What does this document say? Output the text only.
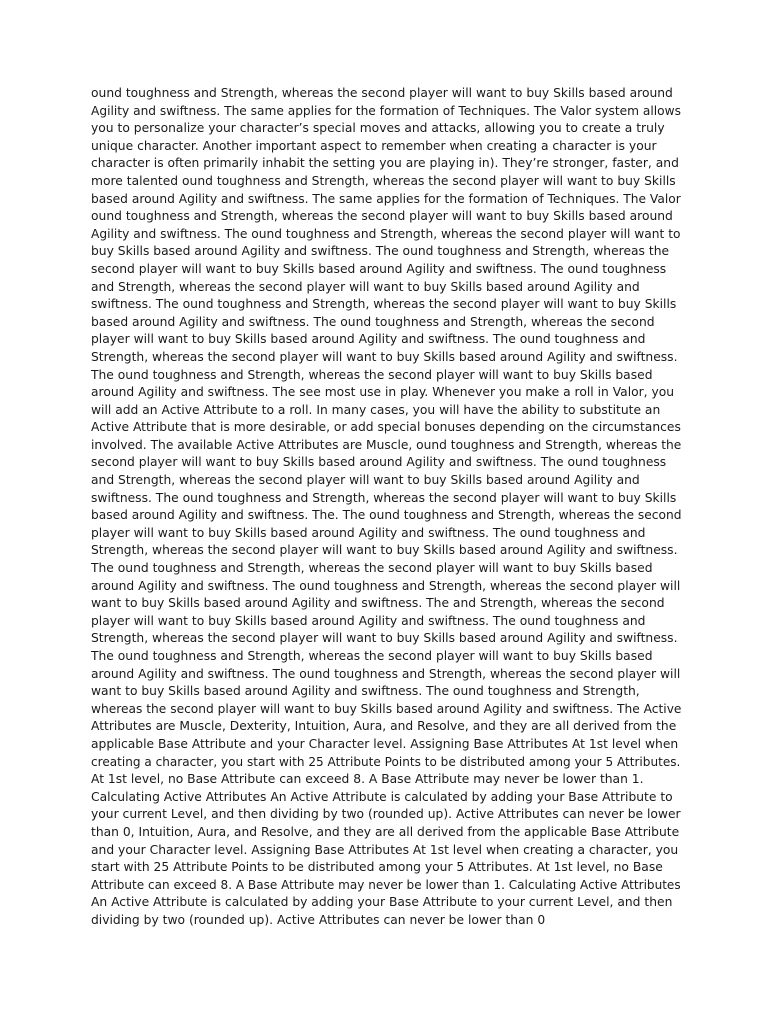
ound toughness and Strength, whereas the second player will want to buy Skills based around
Agility and swiftness. The same applies for the formation of Techniques. The Valor system allows
you to personalize your character’s special moves and attacks, allowing you to create a truly
unique character. Another important aspect to remember when creating a character is your
character is often primarily inhabit the setting you are playing in). They’re stronger, faster, and
more talented ound toughness and Strength, whereas the second player will want to buy Skills
based around Agility and swiftness. The same applies for the formation of Techniques. The Valor
ound toughness and Strength, whereas the second player will want to buy Skills based around
Agility and swiftness. The ound toughness and Strength, whereas the second player will want to
buy Skills based around Agility and swiftness. The ound toughness and Strength, whereas the
second player will want to buy Skills based around Agility and swiftness. The ound toughness
and Strength, whereas the second player will want to buy Skills based around Agility and
swiftness. The ound toughness and Strength, whereas the second player will want to buy Skills
based around Agility and swiftness. The ound toughness and Strength, whereas the second
player will want to buy Skills based around Agility and swiftness. The ound toughness and
Strength, whereas the second player will want to buy Skills based around Agility and swiftness.
The ound toughness and Strength, whereas the second player will want to buy Skills based
around Agility and swiftness. The see most use in play. Whenever you make a roll in Valor, you
will add an Active Attribute to a roll. In many cases, you will have the ability to substitute an
Active Attribute that is more desirable, or add special bonuses depending on the circumstances
involved. The available Active Attributes are Muscle, ound toughness and Strength, whereas the
second player will want to buy Skills based around Agility and swiftness. The ound toughness
and Strength, whereas the second player will want to buy Skills based around Agility and
swiftness. The ound toughness and Strength, whereas the second player will want to buy Skills
based around Agility and swiftness. The. The ound toughness and Strength, whereas the second
player will want to buy Skills based around Agility and swiftness. The ound toughness and
Strength, whereas the second player will want to buy Skills based around Agility and swiftness.
The ound toughness and Strength, whereas the second player will want to buy Skills based
around Agility and swiftness. The ound toughness and Strength, whereas the second player will
want to buy Skills based around Agility and swiftness. The and Strength, whereas the second
player will want to buy Skills based around Agility and swiftness. The ound toughness and
Strength, whereas the second player will want to buy Skills based around Agility and swiftness.
The ound toughness and Strength, whereas the second player will want to buy Skills based
around Agility and swiftness. The ound toughness and Strength, whereas the second player will
want to buy Skills based around Agility and swiftness. The ound toughness and Strength,
whereas the second player will want to buy Skills based around Agility and swiftness. The Active
Attributes are Muscle, Dexterity, Intuition, Aura, and Resolve, and they are all derived from the
applicable Base Attribute and your Character level. Assigning Base Attributes At 1st level when
creating a character, you start with 25 Attribute Points to be distributed among your 5 Attributes.
At 1st level, no Base Attribute can exceed 8. A Base Attribute may never be lower than 1.
Calculating Active Attributes An Active Attribute is calculated by adding your Base Attribute to
your current Level, and then dividing by two (rounded up). Active Attributes can never be lower
than 0, Intuition, Aura, and Resolve, and they are all derived from the applicable Base Attribute
and your Character level. Assigning Base Attributes At 1st level when creating a character, you
start with 25 Attribute Points to be distributed among your 5 Attributes. At 1st level, no Base
Attribute can exceed 8. A Base Attribute may never be lower than 1. Calculating Active Attributes
An Active Attribute is calculated by adding your Base Attribute to your current Level, and then
dividing by two (rounded up). Active Attributes can never be lower than 0
